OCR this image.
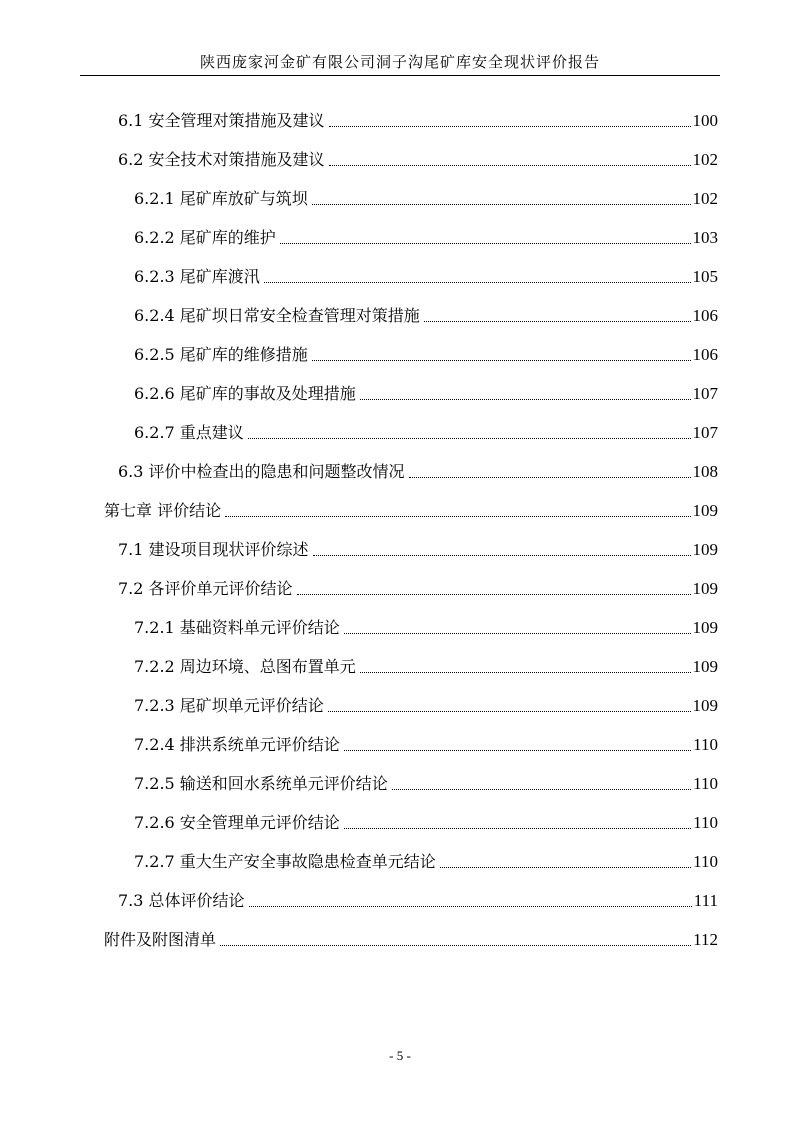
陕西庞家河金矿有限公司洞子沟尾矿库安全现状评价报告
6.1 安全管理对策措施及建议	100
6.2 安全技术对策措施及建议	102
6.2.1 尾矿库放矿与筑坝	102
6.2.2 尾矿库的维护	103
6.2.3 尾矿库渡汛	105
6.2.4 尾矿坝日常安全检查管理对策措施	106
6.2.5 尾矿库的维修措施	106
6.2.6 尾矿库的事故及处理措施	107
6.2.7 重点建议	107
6.3 评价中检查出的隐患和问题整改情况	108
第七章 评价结论	109
7.1 建设项目现状评价综述	109
7.2 各评价单元评价结论	109
7.2.1 基础资料单元评价结论	109
7.2.2 周边环境、总图布置单元	109
7.2.3 尾矿坝单元评价结论	109
7.2.4 排洪系统单元评价结论	110
7.2.5 输送和回水系统单元评价结论	110
7.2.6 安全管理单元评价结论	110
7.2.7 重大生产安全事故隐患检查单元结论	110
7.3 总体评价结论	111
附件及附图清单	112
- 5 -
